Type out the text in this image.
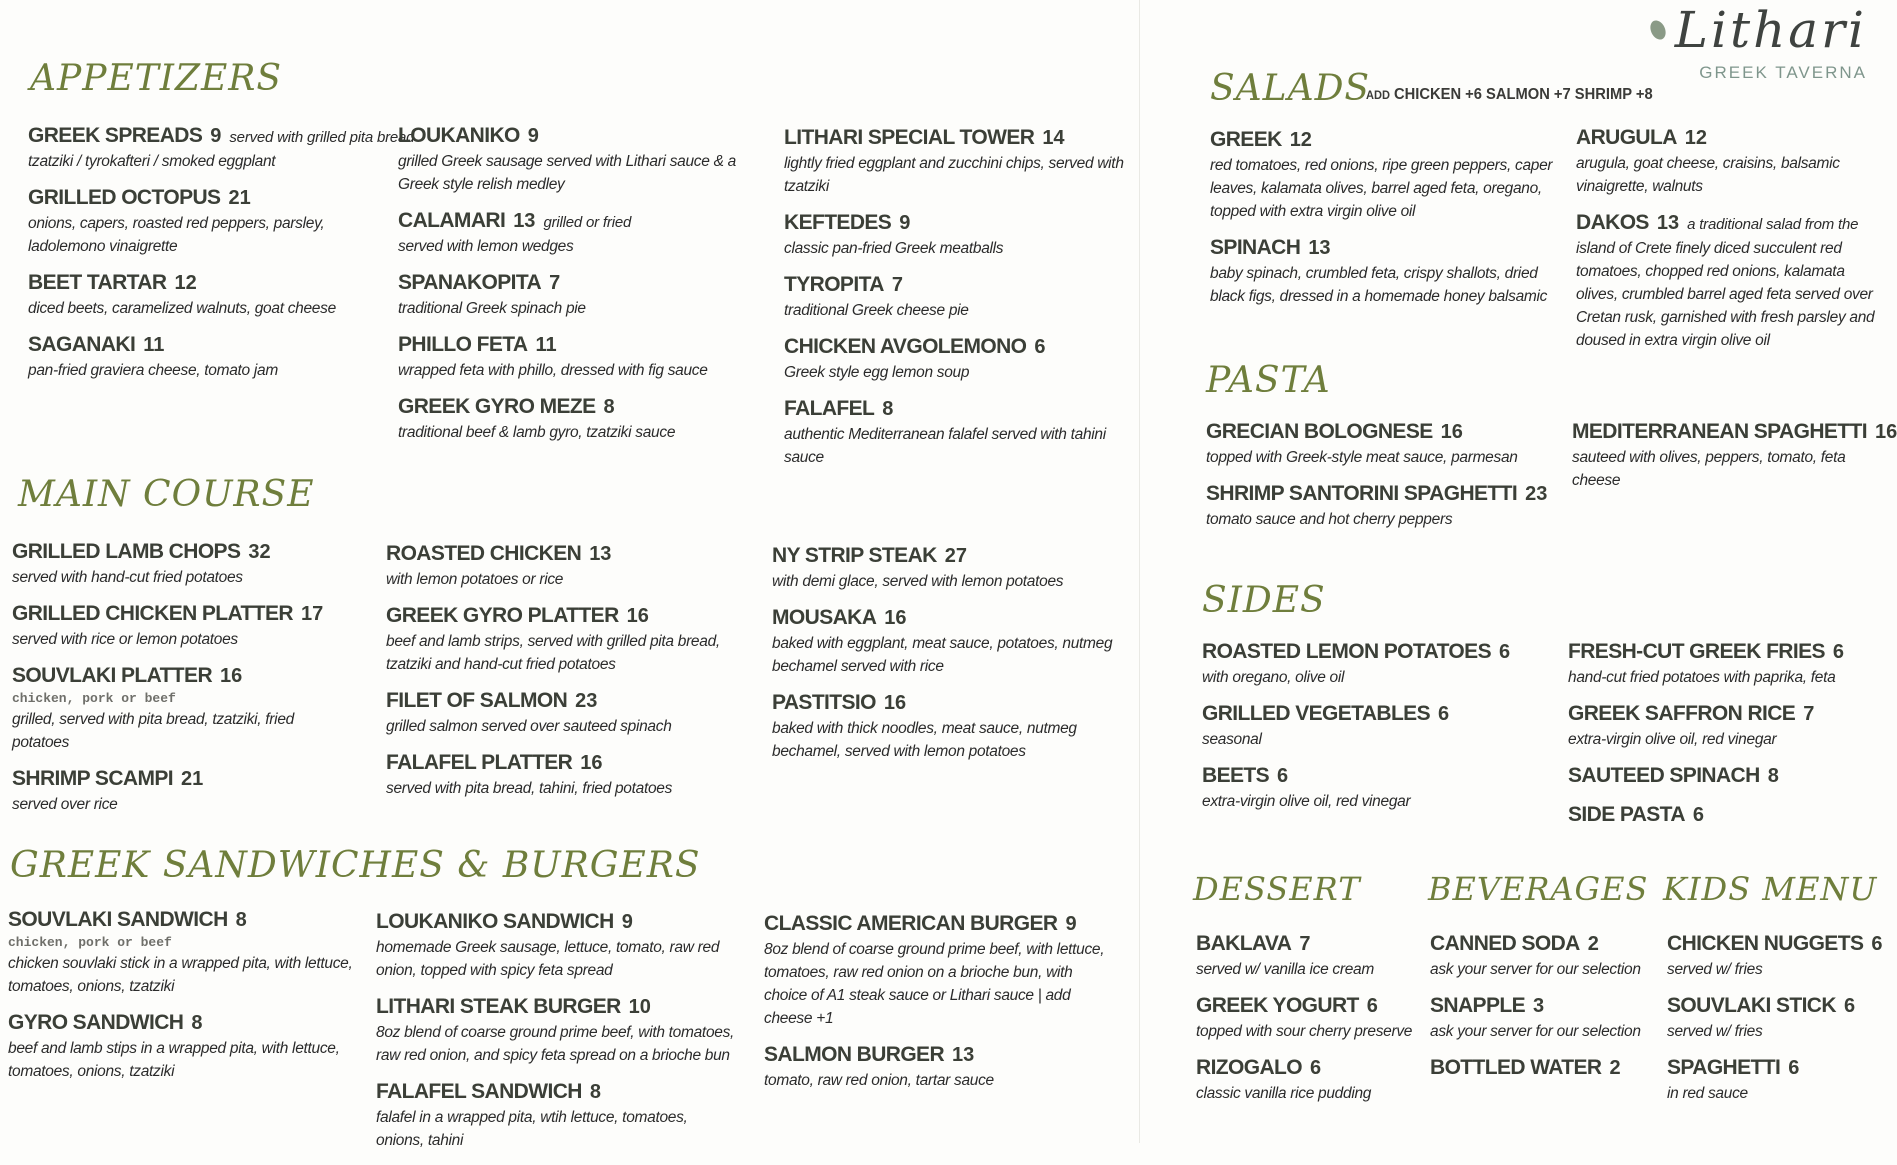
Lithari
GREEK TAVERNA
APPETIZERS
MAIN COURSE
GREEK SANDWICHES & BURGERS
SALADS
ADD CHICKEN +6 SALMON +7 SHRIMP +8
PASTA
SIDES
DESSERT BEVERAGES KIDS MENU
GREEK SPREADS 9 served with grilled pita bread
tzatziki / tyrokafteri / smoked eggplant
GRILLED OCTOPUS 21
onions, capers, roasted red peppers, parsley, ladolemono vinaigrette
BEET TARTAR 12
diced beets, caramelized walnuts, goat cheese
SAGANAKI 11
pan-fried graviera cheese, tomato jam
LOUKANIKO 9
grilled Greek sausage served with Lithari sauce & a Greek style relish medley
CALAMARI 13 grilled or fried
served with lemon wedges
SPANAKOPITA 7
traditional Greek spinach pie
PHILLO FETA 11
wrapped feta with phillo, dressed with fig sauce
GREEK GYRO MEZE 8
traditional beef & lamb gyro, tzatziki sauce
LITHARI SPECIAL TOWER 14
lightly fried eggplant and zucchini chips, served with tzatziki
KEFTEDES 9
classic pan-fried Greek meatballs
TYROPITA 7
traditional Greek cheese pie
CHICKEN AVGOLEMONO 6
Greek style egg lemon soup
FALAFEL 8
authentic Mediterranean falafel served with tahini sauce
GRILLED LAMB CHOPS 32
served with hand-cut fried potatoes
GRILLED CHICKEN PLATTER 17
served with rice or lemon potatoes
SOUVLAKI PLATTER 16
chicken, pork or beef
grilled, served with pita bread, tzatziki, fried potatoes
SHRIMP SCAMPI 21
served over rice
ROASTED CHICKEN 13
with lemon potatoes or rice
GREEK GYRO PLATTER 16
beef and lamb strips, served with grilled pita bread, tzatziki and hand-cut fried potatoes
FILET OF SALMON 23
grilled salmon served over sauteed spinach
FALAFEL PLATTER 16
served with pita bread, tahini, fried potatoes
NY STRIP STEAK 27
with demi glace, served with lemon potatoes
MOUSAKA 16
baked with eggplant, meat sauce, potatoes, nutmeg bechamel served with rice
PASTITSIO 16
baked with thick noodles, meat sauce, nutmeg bechamel, served with lemon potatoes
SOUVLAKI SANDWICH 8
chicken, pork or beef
chicken souvlaki stick in a wrapped pita, with lettuce, tomatoes, onions, tzatziki
GYRO SANDWICH 8
beef and lamb stips in a wrapped pita, with lettuce, tomatoes, onions, tzatziki
LOUKANIKO SANDWICH 9
homemade Greek sausage, lettuce, tomato, raw red onion, topped with spicy feta spread
LITHARI STEAK BURGER 10
8oz blend of coarse ground prime beef, with tomatoes, raw red onion, and spicy feta spread on a brioche bun
FALAFEL SANDWICH 8
falafel in a wrapped pita, wtih lettuce, tomatoes, onions, tahini
CLASSIC AMERICAN BURGER 9
8oz blend of coarse ground prime beef, with lettuce, tomatoes, raw red onion on a brioche bun, with choice of A1 steak sauce or Lithari sauce | add cheese +1
SALMON BURGER 13
tomato, raw red onion, tartar sauce
GREEK 12
red tomatoes, red onions, ripe green peppers, caper leaves, kalamata olives, barrel aged feta, oregano, topped with extra virgin olive oil
SPINACH 13
baby spinach, crumbled feta, crispy shallots, dried black figs, dressed in a homemade honey balsamic
ARUGULA 12
arugula, goat cheese, craisins, balsamic vinaigrette, walnuts
DAKOS 13 a traditional salad from the
island of Crete finely diced succulent red tomatoes, chopped red onions, kalamata olives, crumbled barrel aged feta served over Cretan rusk, garnished with fresh parsley and doused in extra virgin olive oil
GRECIAN BOLOGNESE 16
topped with Greek-style meat sauce, parmesan
SHRIMP SANTORINI SPAGHETTI 23
tomato sauce and hot cherry peppers
MEDITERRANEAN SPAGHETTI 16
sauteed with olives, peppers, tomato, feta cheese
ROASTED LEMON POTATOES 6
with oregano, olive oil
GRILLED VEGETABLES 6
seasonal
BEETS 6
extra-virgin olive oil, red vinegar
FRESH-CUT GREEK FRIES 6
hand-cut fried potatoes with paprika, feta
GREEK SAFFRON RICE 7
extra-virgin olive oil, red vinegar
SAUTEED SPINACH 8
SIDE PASTA 6
BAKLAVA 7
served w/ vanilla ice cream
GREEK YOGURT 6
topped with sour cherry preserve
RIZOGALO 6
classic vanilla rice pudding
CANNED SODA 2
ask your server for our selection
SNAPPLE 3
ask your server for our selection
BOTTLED WATER 2
CHICKEN NUGGETS 6
served w/ fries
SOUVLAKI STICK 6
served w/ fries
SPAGHETTI 6
in red sauce
